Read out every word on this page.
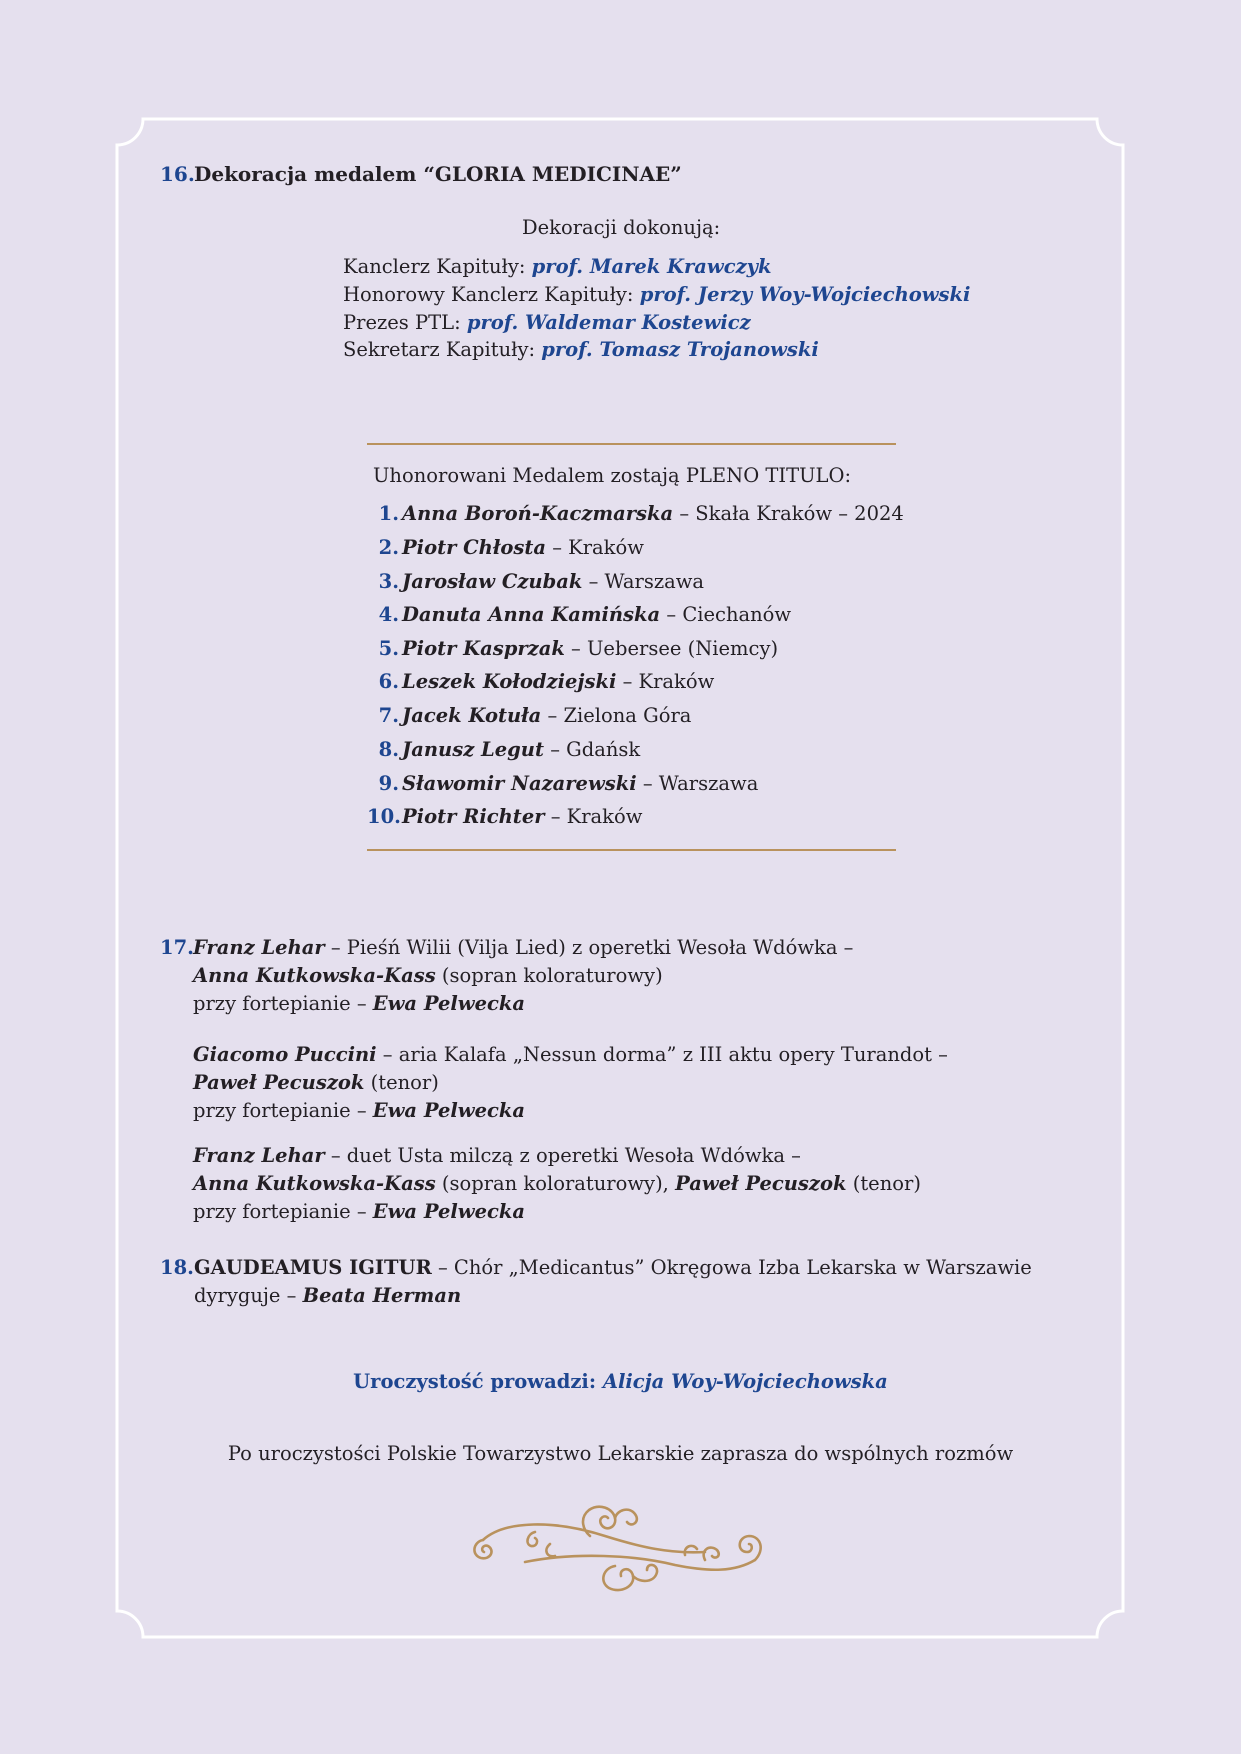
16. Dekoracja medalem “GLORIA MEDICINAE”
Dekoracji dokonują:
Kanclerz Kapituły: prof. Marek Krawczyk
Honorowy Kanclerz Kapituły: prof. Jerzy Woy-Wojciechowski
Prezes PTL: prof. Waldemar Kostewicz
Sekretarz Kapituły: prof. Tomasz Trojanowski
Uhonorowani Medalem zostają PLENO TITULO:
1. Anna Boroń-Kaczmarska – Skała Kraków – 2024
2. Piotr Chłosta – Kraków
3. Jarosław Czubak – Warszawa
4. Danuta Anna Kamińska – Ciechanów
5. Piotr Kasprzak – Uebersee (Niemcy)
6. Leszek Kołodziejski – Kraków
7. Jacek Kotuła – Zielona Góra
8. Janusz Legut – Gdańsk
9. Sławomir Nazarewski – Warszawa
10.Piotr Richter – Kraków
17. Franz Lehar – Pieśń Wilii (Vilja Lied) z operetki Wesoła Wdówka –
Anna Kutkowska-Kass (sopran koloraturowy)
przy fortepianie – Ewa Pelwecka
Giacomo Puccini – aria Kalafa „Nessun dorma” z III aktu opery Turandot –
Paweł Pecuszok (tenor)
przy fortepianie – Ewa Pelwecka
Franz Lehar – duet Usta milczą z operetki Wesoła Wdówka –
Anna Kutkowska-Kass (sopran koloraturowy), Paweł Pecuszok (tenor)
przy fortepianie – Ewa Pelwecka
18. GAUDEAMUS IGITUR – Chór „Medicantus” Okręgowa Izba Lekarska w Warszawie
dyryguje – Beata Herman
Uroczystość prowadzi: Alicja Woy-Wojciechowska
Po uroczystości Polskie Towarzystwo Lekarskie zaprasza do wspólnych rozmów
